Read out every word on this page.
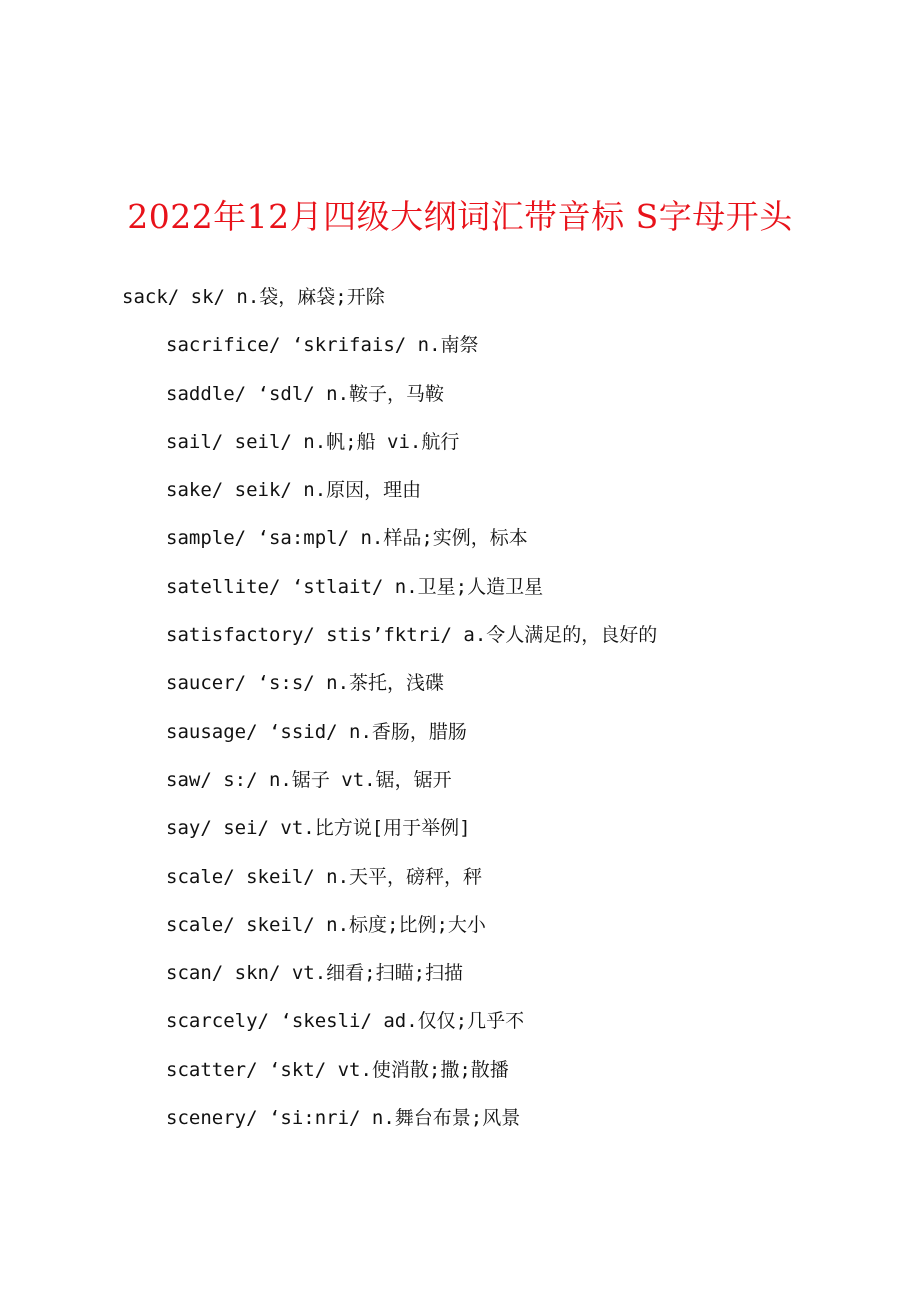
2022年12月四级大纲词汇带音标 S字母开头
sack/ sk/ n.袋，麻袋;开除
sacrifice/ ‘skrifais/ n.南祭
saddle/ ‘sdl/ n.鞍子，马鞍
sail/ seil/ n.帆;船 vi.航行
sake/ seik/ n.原因，理由
sample/ ‘sa:mpl/ n.样品;实例，标本
satellite/ ‘stlait/ n.卫星;人造卫星
satisfactory/ stis’fktri/ a.令人满足的，良好的
saucer/ ‘s:s/ n.茶托，浅碟
sausage/ ‘ssid/ n.香肠，腊肠
saw/ s:/ n.锯子 vt.锯，锯开
say/ sei/ vt.比方说[用于举例]
scale/ skeil/ n.天平，磅秤，秤
scale/ skeil/ n.标度;比例;大小
scan/ skn/ vt.细看;扫瞄;扫描
scarcely/ ‘skesli/ ad.仅仅;几乎不
scatter/ ‘skt/ vt.使消散;撒;散播
scenery/ ‘si:nri/ n.舞台布景;风景
